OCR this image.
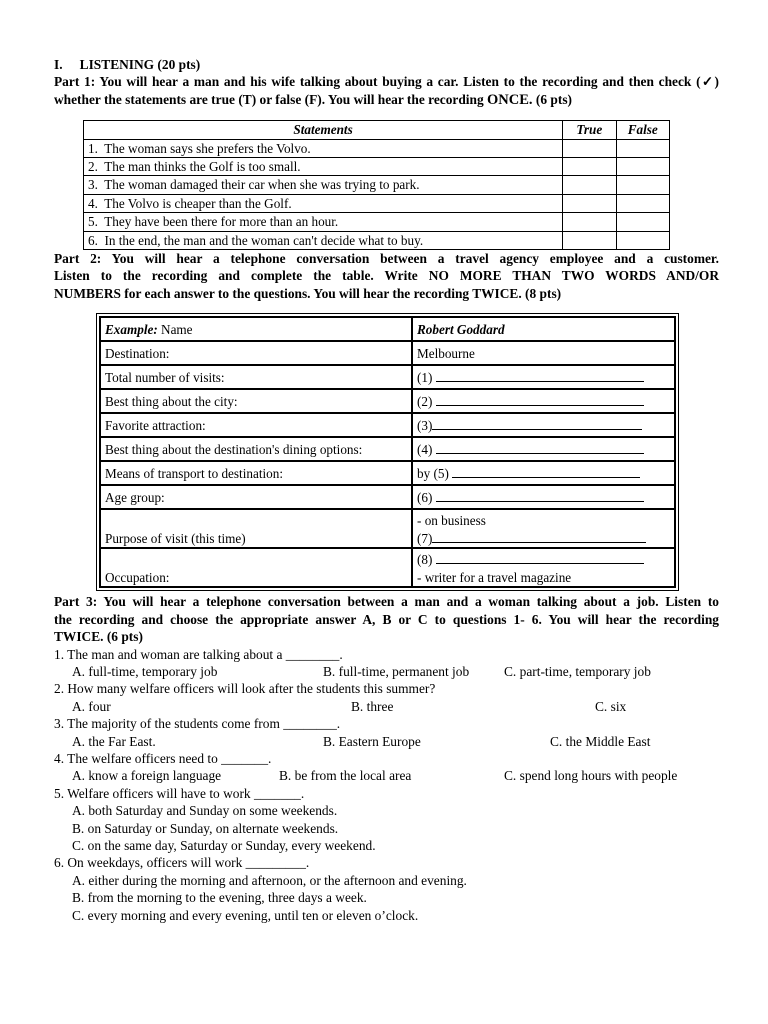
I.   LISTENING (20 pts)
Part 1: You will hear a man and his wife talking about buying a car. Listen to the recording and then check (✓) whether the statements are true (T) or false (F). You will hear the recording ONCE. (6 pts)
Statements	True	False
1. The woman says she prefers the Volvo.		
2. The man thinks the Golf is too small.		
3. The woman damaged their car when she was trying to park.		
4. The Volvo is cheaper than the Golf.		
5. They have been there for more than an hour.		
6. In the end, the man and the woman can't decide what to buy.		
Part 2: You will hear a telephone conversation between a travel agency employee and a customer.
Listen to the recording and complete the table. Write NO MORE THAN TWO WORDS AND/OR
NUMBERS for each answer to the questions. You will hear the recording TWICE. (8 pts)
Example: Name	Robert Goddard
Destination:	Melbourne
Total number of visits:	(1)
Best thing about the city:	(2)
Favorite attraction:	(3)
Best thing about the destination's dining options:	(4)
Means of transport to destination:	by (5)
Age group:	(6)
Purpose of visit (this time)	- on business
(7)

Occupation:	(8)
- writer for a travel magazine
Part 3: You will hear a telephone conversation between a man and a woman talking about a job. Listen to
the recording and choose the appropriate answer A, B or C to questions 1- 6. You will hear the recording
TWICE. (6 pts)
1. The man and woman are talking about a ________.
A. full-time, temporary job	B. full-time, permanent job	C. part-time, temporary job
2. How many welfare officers will look after the students this summer?
A. four	B. three	C. six
3. The majority of the students come from ________.
A. the Far East.	B. Eastern Europe	C. the Middle East
4. The welfare officers need to _______.
A. know a foreign language	B. be from the local area	C. spend long hours with people
5. Welfare officers will have to work _______.
A. both Saturday and Sunday on some weekends.
B. on Saturday or Sunday, on alternate weekends.
C. on the same day, Saturday or Sunday, every weekend.
6. On weekdays, officers will work _________.
A. either during the morning and afternoon, or the afternoon and evening.
B. from the morning to the evening, three days a week.
C. every morning and every evening, until ten or eleven o’clock.
